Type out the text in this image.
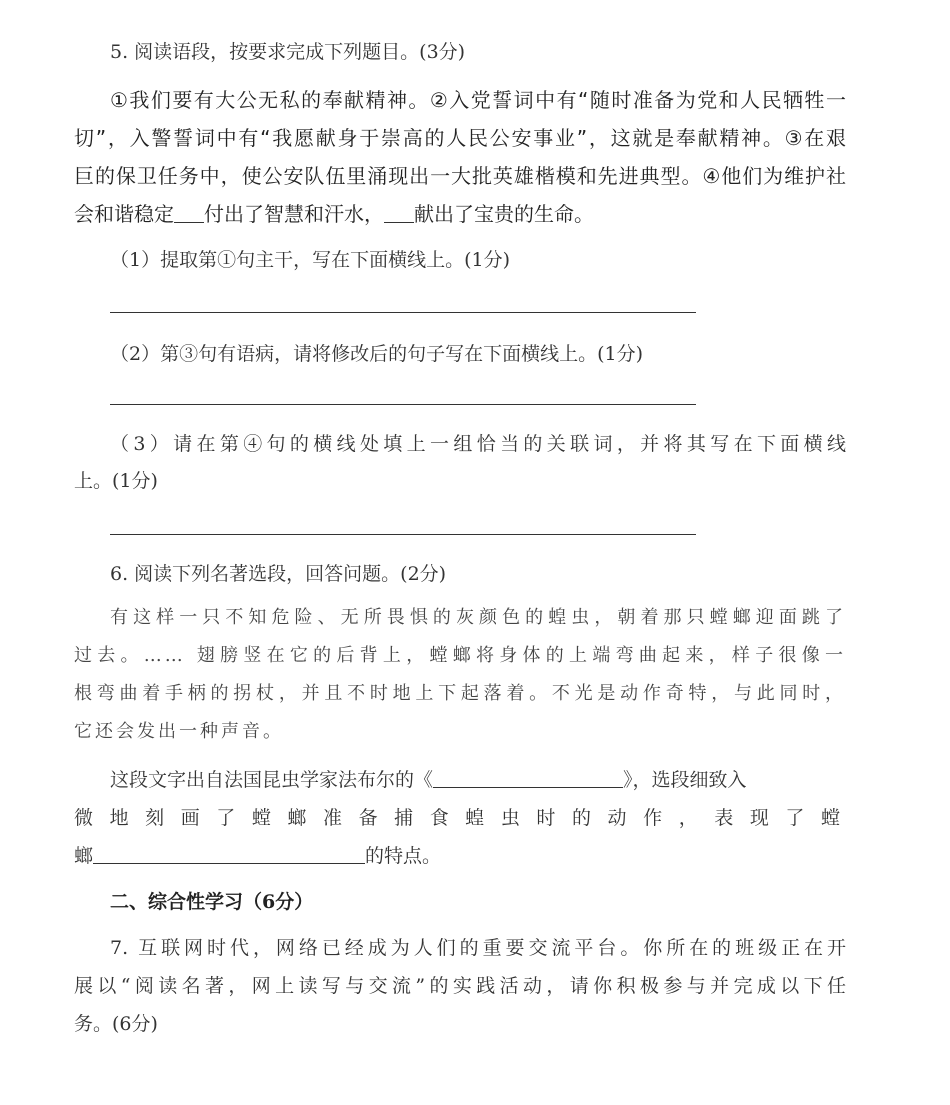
5. 阅读语段，按要求完成下列题目。(3分)
①我们要有大公无私的奉献精神。②入党誓词中有“随时准备为党和人民牺牲一
切”，入警誓词中有“我愿献身于崇高的人民公安事业”，这就是奉献精神。③在艰
巨的保卫任务中，使公安队伍里涌现出一大批英雄楷模和先进典型。④他们为维护社
会和谐稳定 付出了智慧和汗水， 献出了宝贵的生命。
（1）提取第①句主干，写在下面横线上。(1分)
（2）第③句有语病，请将修改后的句子写在下面横线上。(1分)
（3）请在第④句的横线处填上一组恰当的关联词，并将其写在下面横线
上。(1分)
6. 阅读下列名著选段，回答问题。(2分)
有这样一只不知危险、无所畏惧的灰颜色的蝗虫，朝着那只螳螂迎面跳了
过去。…… 翅膀竖在它的后背上，螳螂将身体的上端弯曲起来，样子很像一
根弯曲着手柄的拐杖，并且不时地上下起落着。不光是动作奇特，与此同时，
它还会发出一种声音。
这段文字出自法国昆虫学家法布尔的《	》，选段细致入
微地刻画了螳螂准备捕食蝗虫时的动作，表现了螳
螂	的特点。
二、综合性学习（6分）
7. 互联网时代，网络已经成为人们的重要交流平台。你所在的班级正在开
展以“阅读名著，网上读写与交流”的实践活动，请你积极参与并完成以下任
务。(6分)
